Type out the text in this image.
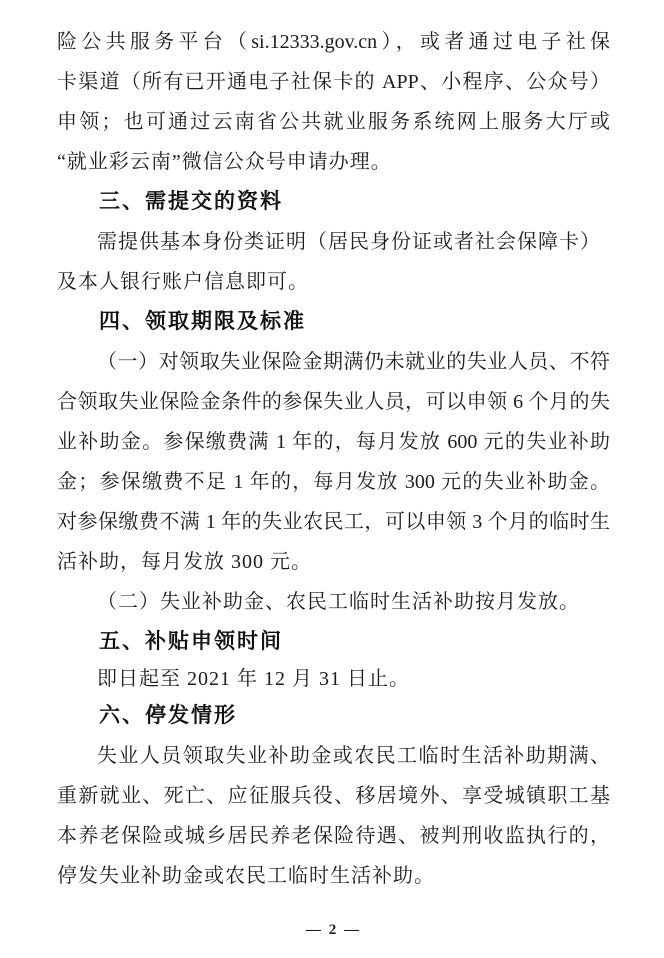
险公共服务平台（si.12333.gov.cn），或者通过电子社保
卡渠道（所有已开通电子社保卡的 APP、小程序、公众号）
申领；也可通过云南省公共就业服务系统网上服务大厅或
“就业彩云南”微信公众号申请办理。
三、需提交的资料
需提供基本身份类证明（居民身份证或者社会保障卡）
及本人银行账户信息即可。
四、领取期限及标准
（一）对领取失业保险金期满仍未就业的失业人员、不符
合领取失业保险金条件的参保失业人员，可以申领 6 个月的失
业补助金。参保缴费满 1 年的，每月发放 600 元的失业补助
金；参保缴费不足 1 年的，每月发放 300 元的失业补助金。
对参保缴费不满 1 年的失业农民工，可以申领 3 个月的临时生
活补助，每月发放 300 元。
（二）失业补助金、农民工临时生活补助按月发放。
五、补贴申领时间
即日起至 2021 年 12 月 31 日止。
六、停发情形
失业人员领取失业补助金或农民工临时生活补助期满、
重新就业、死亡、应征服兵役、移居境外、享受城镇职工基
本养老保险或城乡居民养老保险待遇、被判刑收监执行的，
停发失业补助金或农民工临时生活补助。
— 2 —
